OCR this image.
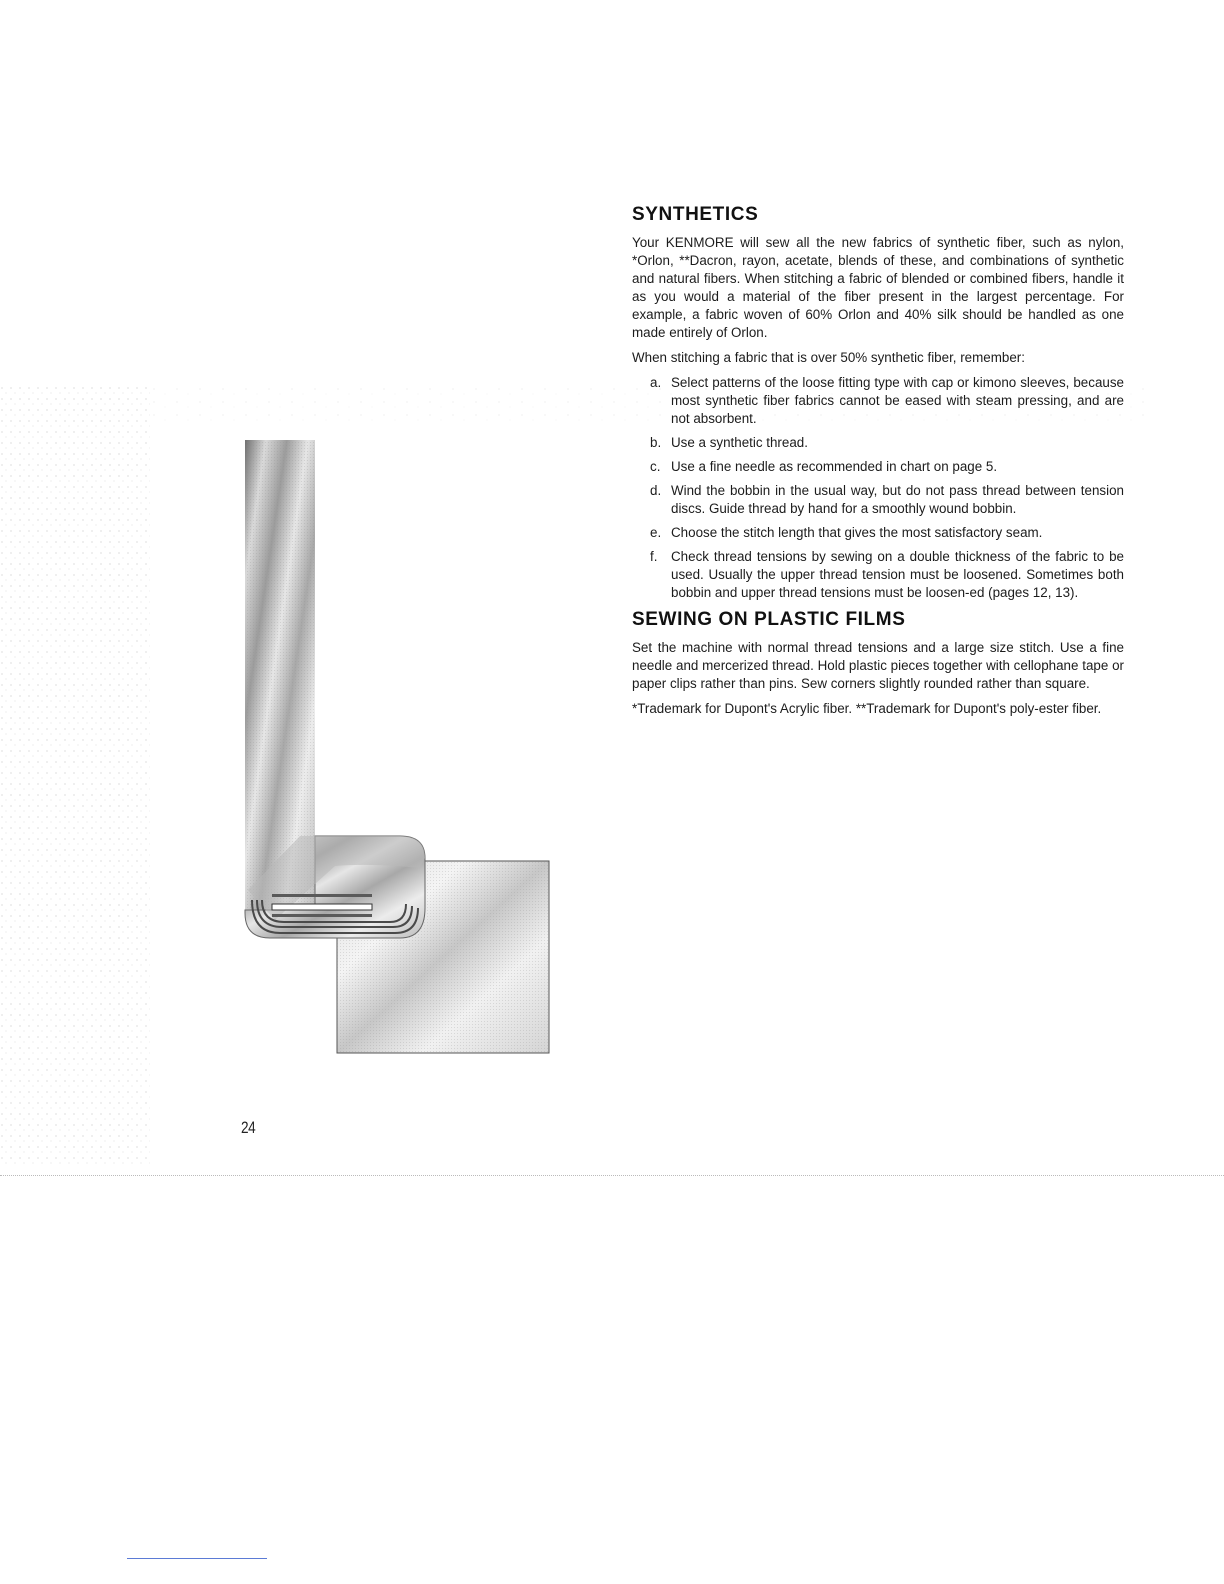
24
SYNTHETICS

Your KENMORE will sew all the new fabrics of synthetic fiber, such as nylon, *Orlon, **Dacron, rayon, acetate, blends of these, and combinations of synthetic and natural fibers. When stitching a fabric of blended or combined fibers, handle it as you would a material of the fiber present in the largest percentage. For example, a fabric woven of 60% Orlon and 40% silk should be handled as one made entirely of Orlon.

When stitching a fabric that is over 50% synthetic fiber, remember:

a. Select patterns of the loose fitting type with cap or kimono sleeves, because most synthetic fiber fabrics cannot be eased with steam pressing, and are not absorbent.
b. Use a synthetic thread.
c. Use a fine needle as recommended in chart on page 5.
d. Wind the bobbin in the usual way, but do not pass thread between tension discs. Guide thread by hand for a smoothly wound bobbin.
e. Choose the stitch length that gives the most satisfactory seam.
f. Check thread tensions by sewing on a double thickness of the fabric to be used. Usually the upper thread tension must be loosened. Sometimes both bobbin and upper thread tensions must be loosen-ed (pages 12, 13).
SEWING ON PLASTIC FILMS

Set the machine with normal thread tensions and a large size stitch. Use a fine needle and mercerized thread. Hold plastic pieces together with cellophane tape or paper clips rather than pins. Sew corners slightly rounded rather than square.

*Trademark for Dupont's Acrylic fiber. **Trademark for Dupont's poly-ester fiber.
